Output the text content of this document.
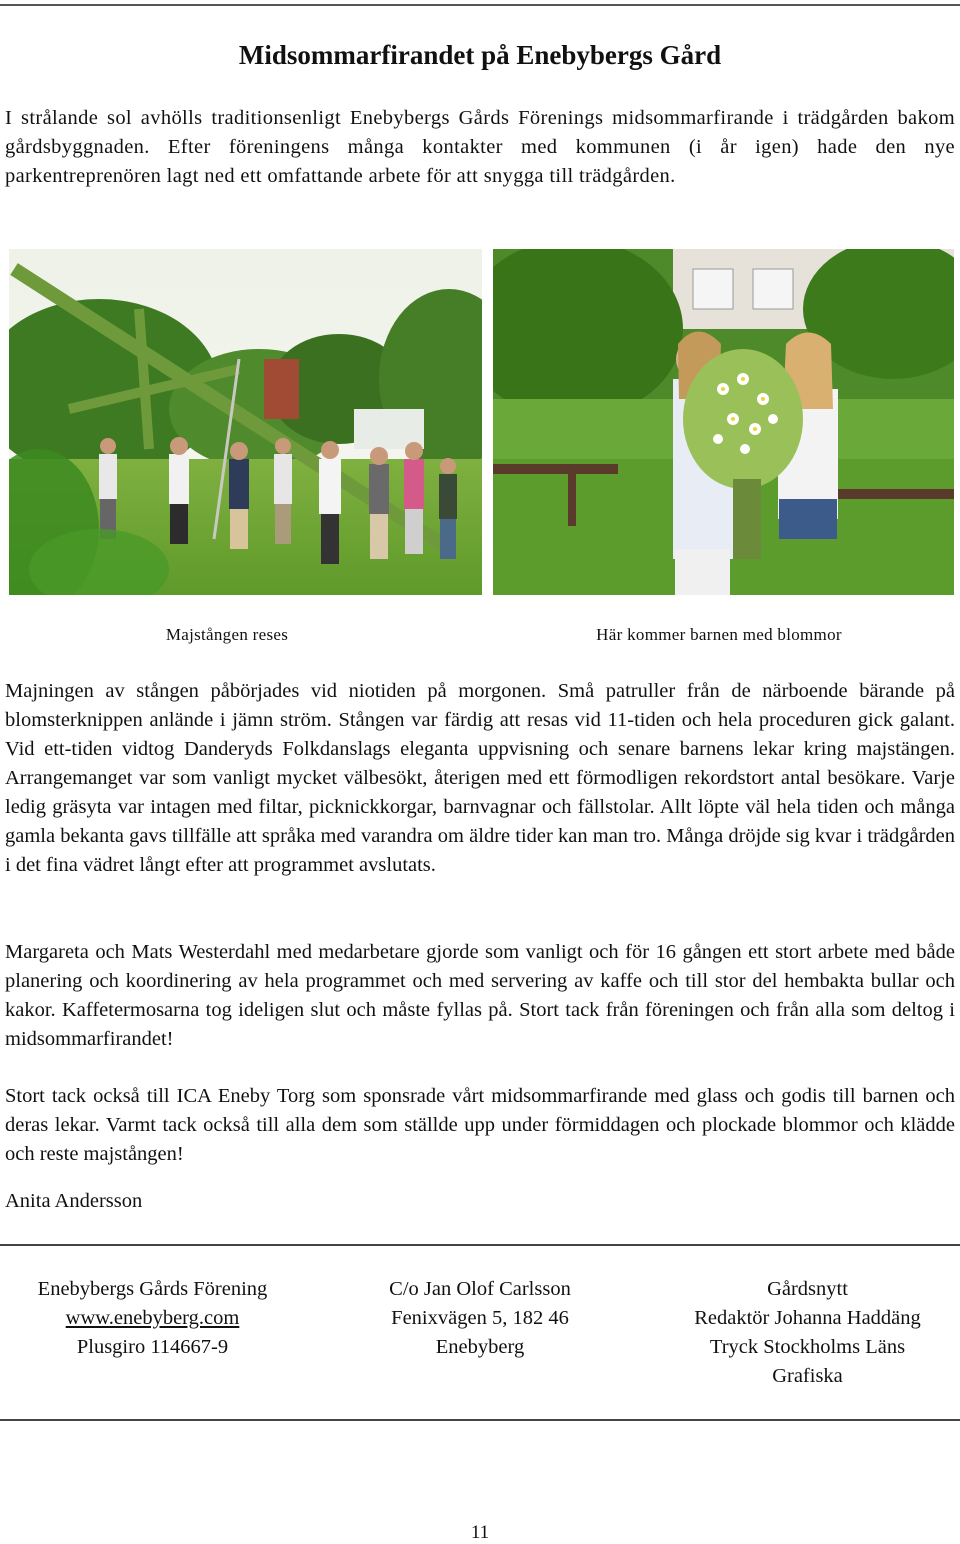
Midsommarfirandet på Enebybergs Gård

I strålande sol avhölls traditionsenligt Enebybergs Gårds Förenings midsommarfirande i trädgården bakom gårdsbyggnaden. Efter föreningens många kontakter med kommunen (i år igen) hade den nye parkentreprenören lagt ned ett omfattande arbete för att snygga till trädgården.

Majstången reses	Här kommer barnen med blommor

Majningen av stången påbörjades vid niotiden på morgonen. Små patruller från de närboende bärande på blomsterknippen anlände i jämn ström. Stången var färdig att resas vid 11-tiden och hela proceduren gick galant. Vid ett-tiden vidtog Danderyds Folkdanslags eleganta uppvisning och senare barnens lekar kring majstängen. Arrangemanget var som vanligt mycket välbesökt, återigen med ett förmodligen rekordstort antal besökare. Varje ledig gräsyta var intagen med filtar, picknickkorgar, barnvagnar och fällstolar. Allt löpte väl hela tiden och många gamla bekanta gavs tillfälle att språka med varandra om äldre tider kan man tro. Många dröjde sig kvar i trädgården i det fina vädret långt efter att programmet avslutats.

Margareta och Mats Westerdahl med medarbetare gjorde som vanligt och för 16 gången ett stort arbete med både planering och koordinering av hela programmet och med servering av kaffe och till stor del hembakta bullar och kakor. Kaffetermosarna tog ideligen slut och måste fyllas på. Stort tack från föreningen och från alla som deltog i midsommarfirandet!

Stort tack också till ICA Eneby Torg som sponsrade vårt midsommarfirande med glass och godis till barnen och deras lekar. Varmt tack också till alla dem som ställde upp under förmiddagen och plockade blommor och klädde och reste majstången!

Anita Andersson

Enebybergs Gårds Förening
www.enebyberg.com
Plusgiro 114667-9
C/o Jan Olof Carlsson
Fenixvägen 5, 182 46
Enebyberg
Gårdsnytt
Redaktör Johanna Haddäng
Tryck Stockholms Läns
Grafiska
11
